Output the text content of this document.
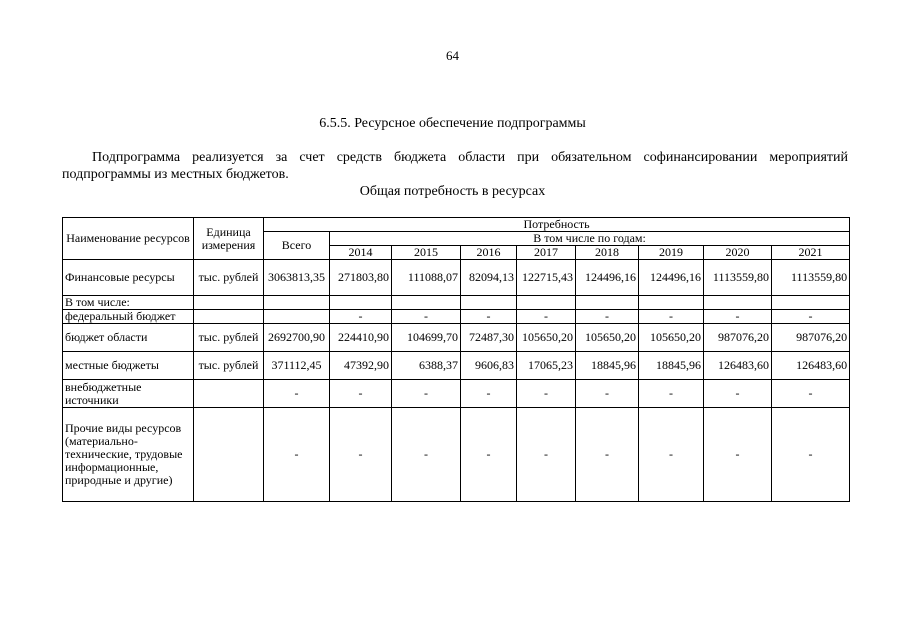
64
6.5.5. Ресурсное обеспечение подпрограммы
Подпрограмма реализуется за счет средств бюджета области при обязательном софинансировании мероприятий подпрограммы из местных бюджетов.
Общая потребность в ресурсах
Наименование ресурсов	Единица измерения	Потребность								
		Всего	В том числе по годам:							
			2014	2015	2016	2017	2018	2019	2020	2021
Финансовые ресурсы	тыс. рублей	3063813,35	271803,80	111088,07	82094,13	122715,43	124496,16	124496,16	1113559,80	1113559,80
В том числе:										
федеральный бюджет			-	-	-	-	-	-	-	-
бюджет области	тыс. рублей	2692700,90	224410,90	104699,70	72487,30	105650,20	105650,20	105650,20	987076,20	987076,20
местные бюджеты	тыс. рублей	371112,45	47392,90	6388,37	9606,83	17065,23	18845,96	18845,96	126483,60	126483,60
внебюджетные источники		-	-	-	-	-	-	-	-	-
Прочие виды ресурсов (материально-технические, трудовые информационные, природные и другие)		-	-	-	-	-	-	-	-	-
